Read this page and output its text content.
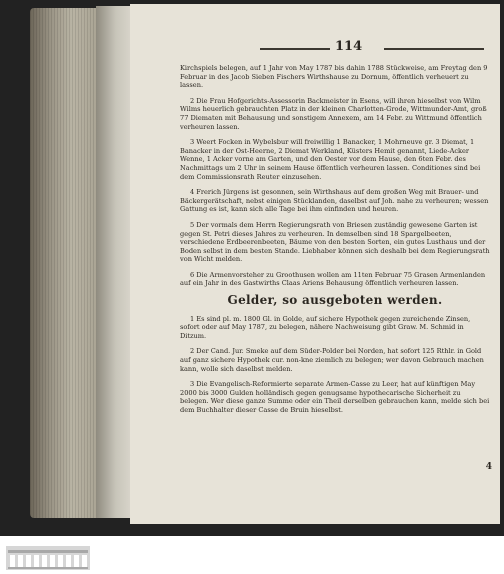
114

Kirchspiels belegen, auf 1 Jahr von May 1787 bis dahin 1788 Stückweise, am Freytag den 9 Februar in des Jacob Sieben Fischers Wirthshause zu Dornum, öffentlich verheuert zu lassen.

2 Die Frau Hofgerichts-Assessorin Backmeister in Esens, will ihren hieselbst von Wilm Wilms heuerlich gebrauchten Platz in der kleinen Charlotten-Grode, Wittmunder-Amt, groß 77 Diematen mit Behausung und sonstigem Annexem, am 14 Febr. zu Wittmund öffentlich verheuren lassen.

3 Weert Focken in Wybelsbur will freiwillig 1 Banacker, 1 Mohrneuve gr. 3 Diemat, 1 Banacker in der Ost-Heerne, 2 Diemat Werkland, Küsters Hemit genannt, Liede-Acker Wenne, 1 Acker vorne am Garten, und den Oester vor dem Hause, den 6ten Febr. des Nachmittags um 2 Uhr in seinem Hause öffentlich verheuren lassen. Conditiones sind bei dem Commissionsrath Reuter einzusehen.

4 Frerich Jürgens ist gesonnen, sein Wirthshaus auf dem großen Weg mit Brauer- und Bäckergerätschaft, nebst einigen Stücklanden, daselbst auf Joh. nahe zu verheuren; wessen Gattung es ist, kann sich alle Tage bei ihm einfinden und heuren.

5 Der vormals dem Herrn Regierungsrath von Briesen zuständig gewesene Garten ist gegen St. Petri dieses Jahres zu verheuren. In demselben sind 18 Spargelbeeten, verschiedene Erdbeerenbeeten, Bäume von den besten Sorten, ein gutes Lusthaus und der Boden selbst in dem besten Stande. Liebhaber können sich deshalb bei dem Regierungsrath von Wicht melden.

6 Die Armenvorsteher zu Groothusen wollen am 11ten Februar 75 Grasen Armenlanden auf ein Jahr in des Gastwirths Claas Ariens Behausung öffentlich verheuren lassen.

Gelder, so ausgeboten werden.

1 Es sind pl. m. 1800 Gl. in Golde, auf sichere Hypothek gegen zureichende Zinsen, sofort oder auf May 1787, zu belegen, nähere Nachweisung gibt Graw. M. Schmid in Ditzum.

2 Der Cand. Jur. Smeke auf dem Süder-Polder bei Norden, hat sofort 125 Rthlr. in Gold auf ganz sichere Hypothek cur. non-kne ziemlich zu belegen; wer davon Gebrauch machen kann, wolle sich daselbst melden.

3 Die Evangelisch-Reformierte separate Armen-Casse zu Leer, hat auf künftigen May 2000 bis 3000 Gulden holländisch gegen genugsame hypothecarische Sicherheit zu belegen. Wer diese ganze Summe oder ein Theil derselben gebrauchen kann, melde sich bei dem Buchhalter dieser Casse de Bruin hieselbst.

4
